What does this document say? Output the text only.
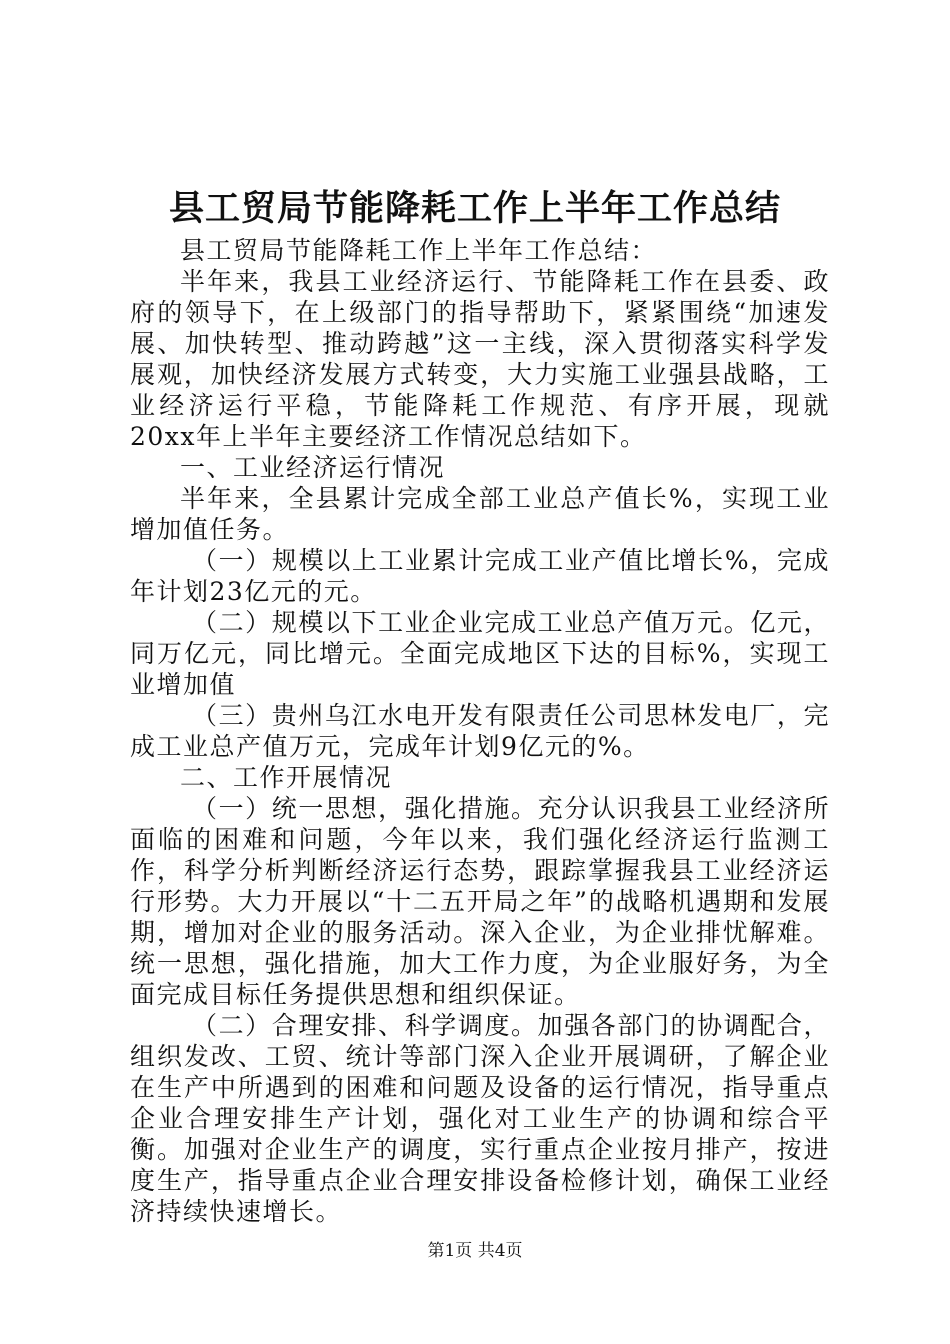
县工贸局节能降耗工作上半年工作总结

县工贸局节能降耗工作上半年工作总结：

半年来，我县工业经济运行、节能降耗工作在县委、政府的领导下，在上级部门的指导帮助下，紧紧围绕“加速发展、加快转型、推动跨越”这一主线，深入贯彻落实科学发展观，加快经济发展方式转变，大力实施工业强县战略，工业经济运行平稳，节能降耗工作规范、有序开展，现就20xx年上半年主要经济工作情况总结如下。

一、工业经济运行情况

半年来，全县累计完成全部工业总产值长%，实现工业增加值任务。

（一）规模以上工业累计完成工业产值比增长%，完成年计划23亿元的元。

（二）规模以下工业企业完成工业总产值万元。亿元，同万亿元，同比增元。全面完成地区下达的目标%，实现工业增加值

（三）贵州乌江水电开发有限责任公司思林发电厂，完成工业总产值万元，完成年计划9亿元的%。

二、工作开展情况

（一）统一思想，强化措施。充分认识我县工业经济所面临的困难和问题，今年以来，我们强化经济运行监测工作，科学分析判断经济运行态势，跟踪掌握我县工业经济运行形势。大力开展以“十二五开局之年”的战略机遇期和发展期，增加对企业的服务活动。深入企业，为企业排忧解难。统一思想，强化措施，加大工作力度，为企业服好务，为全面完成目标任务提供思想和组织保证。

（二）合理安排、科学调度。加强各部门的协调配合，组织发改、工贸、统计等部门深入企业开展调研，了解企业在生产中所遇到的困难和问题及设备的运行情况，指导重点企业合理安排生产计划，强化对工业生产的协调和综合平衡。加强对企业生产的调度，实行重点企业按月排产，按进度生产，指导重点企业合理安排设备检修计划，确保工业经济持续快速增长。

第1页 共4页
